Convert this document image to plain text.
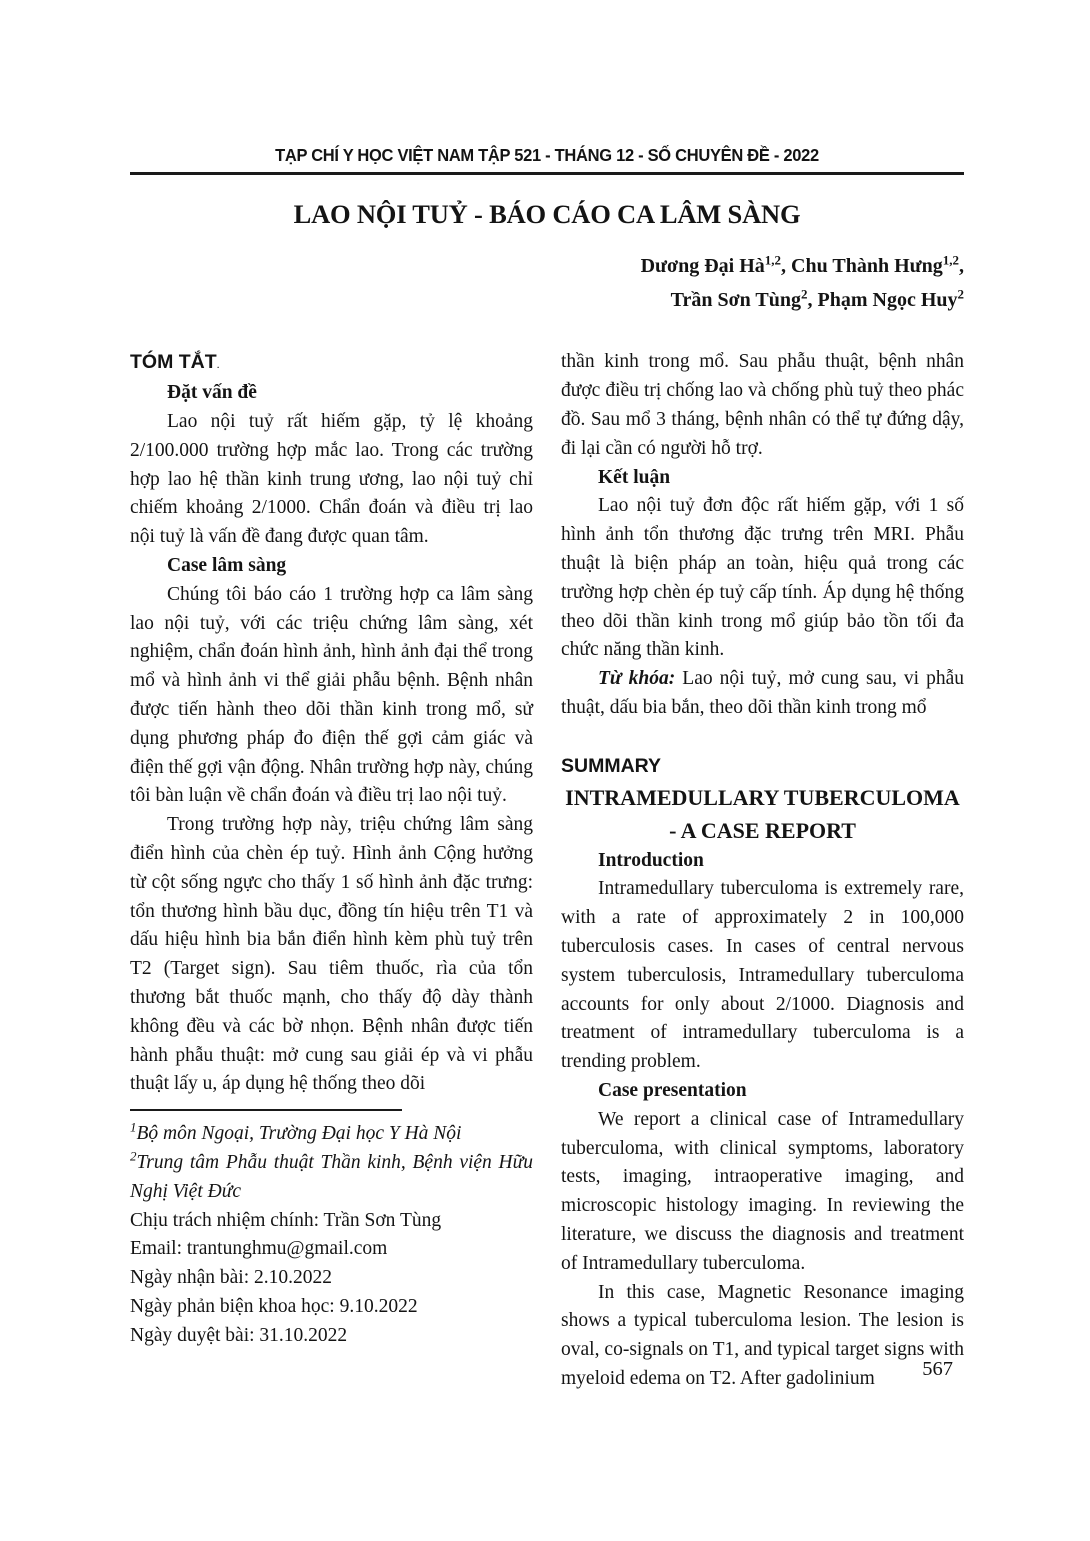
TẠP CHÍ Y HỌC VIỆT NAM TẬP 521 - THÁNG 12 - SỐ CHUYÊN ĐỀ - 2022
LAO NỘI TUỶ - BÁO CÁO CA LÂM SÀNG
Dương Đại Hà$^{1,2}$, Chu Thành Hưng$^{1,2}$,
Trần Sơn Tùng$^2$, Phạm Ngọc Huy$^2$
TÓM TẮT.
Đặt vấn đề

Lao nội tuỷ rất hiếm gặp, tỷ lệ khoảng 2/100.000 trường hợp mắc lao. Trong các trường hợp lao hệ thần kinh trung ương, lao nội tuỷ chỉ chiếm khoảng 2/1000. Chẩn đoán và điều trị lao nội tuỷ là vấn đề đang được quan tâm.

Case lâm sàng

Chúng tôi báo cáo 1 trường hợp ca lâm sàng lao nội tuỷ, với các triệu chứng lâm sàng, xét nghiệm, chẩn đoán hình ảnh, hình ảnh đại thể trong mổ và hình ảnh vi thể giải phẫu bệnh. Bệnh nhân được tiến hành theo dõi thần kinh trong mổ, sử dụng phương pháp đo điện thế gợi cảm giác và điện thế gợi vận động. Nhân trường hợp này, chúng tôi bàn luận về chẩn đoán và điều trị lao nội tuỷ.

Trong trường hợp này, triệu chứng lâm sàng điển hình của chèn ép tuỷ. Hình ảnh Cộng hưởng từ cột sống ngực cho thấy 1 số hình ảnh đặc trưng: tổn thương hình bầu dục, đồng tín hiệu trên T1 và dấu hiệu hình bia bắn điển hình kèm phù tuỷ trên T2 (Target sign). Sau tiêm thuốc, rìa của tổn thương bắt thuốc mạnh, cho thấy độ dày thành không đều và các bờ nhọn. Bệnh nhân được tiến hành phẫu thuật: mở cung sau giải ép và vi phẫu thuật lấy u, áp dụng hệ thống theo dõi

$^1$Bộ môn Ngoại, Trường Đại học Y Hà Nội

$^2$Trung tâm Phẫu thuật Thần kinh, Bệnh viện Hữu Nghị Việt Đức

Chịu trách nhiệm chính: Trần Sơn Tùng

Email: trantunghmu@gmail.com

Ngày nhận bài: 2.10.2022

Ngày phản biện khoa học: 9.10.2022

Ngày duyệt bài: 31.10.2022

thần kinh trong mổ. Sau phẫu thuật, bệnh nhân được điều trị chống lao và chống phù tuỷ theo phác đồ. Sau mổ 3 tháng, bệnh nhân có thể tự đứng dậy, đi lại cần có người hỗ trợ.

Kết luận

Lao nội tuỷ đơn độc rất hiếm gặp, với 1 số hình ảnh tổn thương đặc trưng trên MRI. Phẫu thuật là biện pháp an toàn, hiệu quả trong các trường hợp chèn ép tuỷ cấp tính. Áp dụng hệ thống theo dõi thần kinh trong mổ giúp bảo tồn tối đa chức năng thần kinh.

Từ khóa: Lao nội tuỷ, mở cung sau, vi phẫu thuật, dấu bia bắn, theo dõi thần kinh trong mổ

SUMMARY
INTRAMEDULLARY TUBERCULOMA
- A CASE REPORT
Introduction

Intramedullary tuberculoma is extremely rare, with a rate of approximately 2 in 100,000 tuberculosis cases. In cases of central nervous system tuberculosis, Intramedullary tuberculoma accounts for only about 2/1000. Diagnosis and treatment of intramedullary tuberculoma is a trending problem.

Case presentation

We report a clinical case of Intramedullary tuberculoma, with clinical symptoms, laboratory tests, imaging, intraoperative imaging, and microscopic histology imaging. In reviewing the literature, we discuss the diagnosis and treatment of Intramedullary tuberculoma.

In this case, Magnetic Resonance imaging shows a typical tuberculoma lesion. The lesion is oval, co-signals on T1, and typical target signs with myeloid edema on T2. After gadolinium	567
